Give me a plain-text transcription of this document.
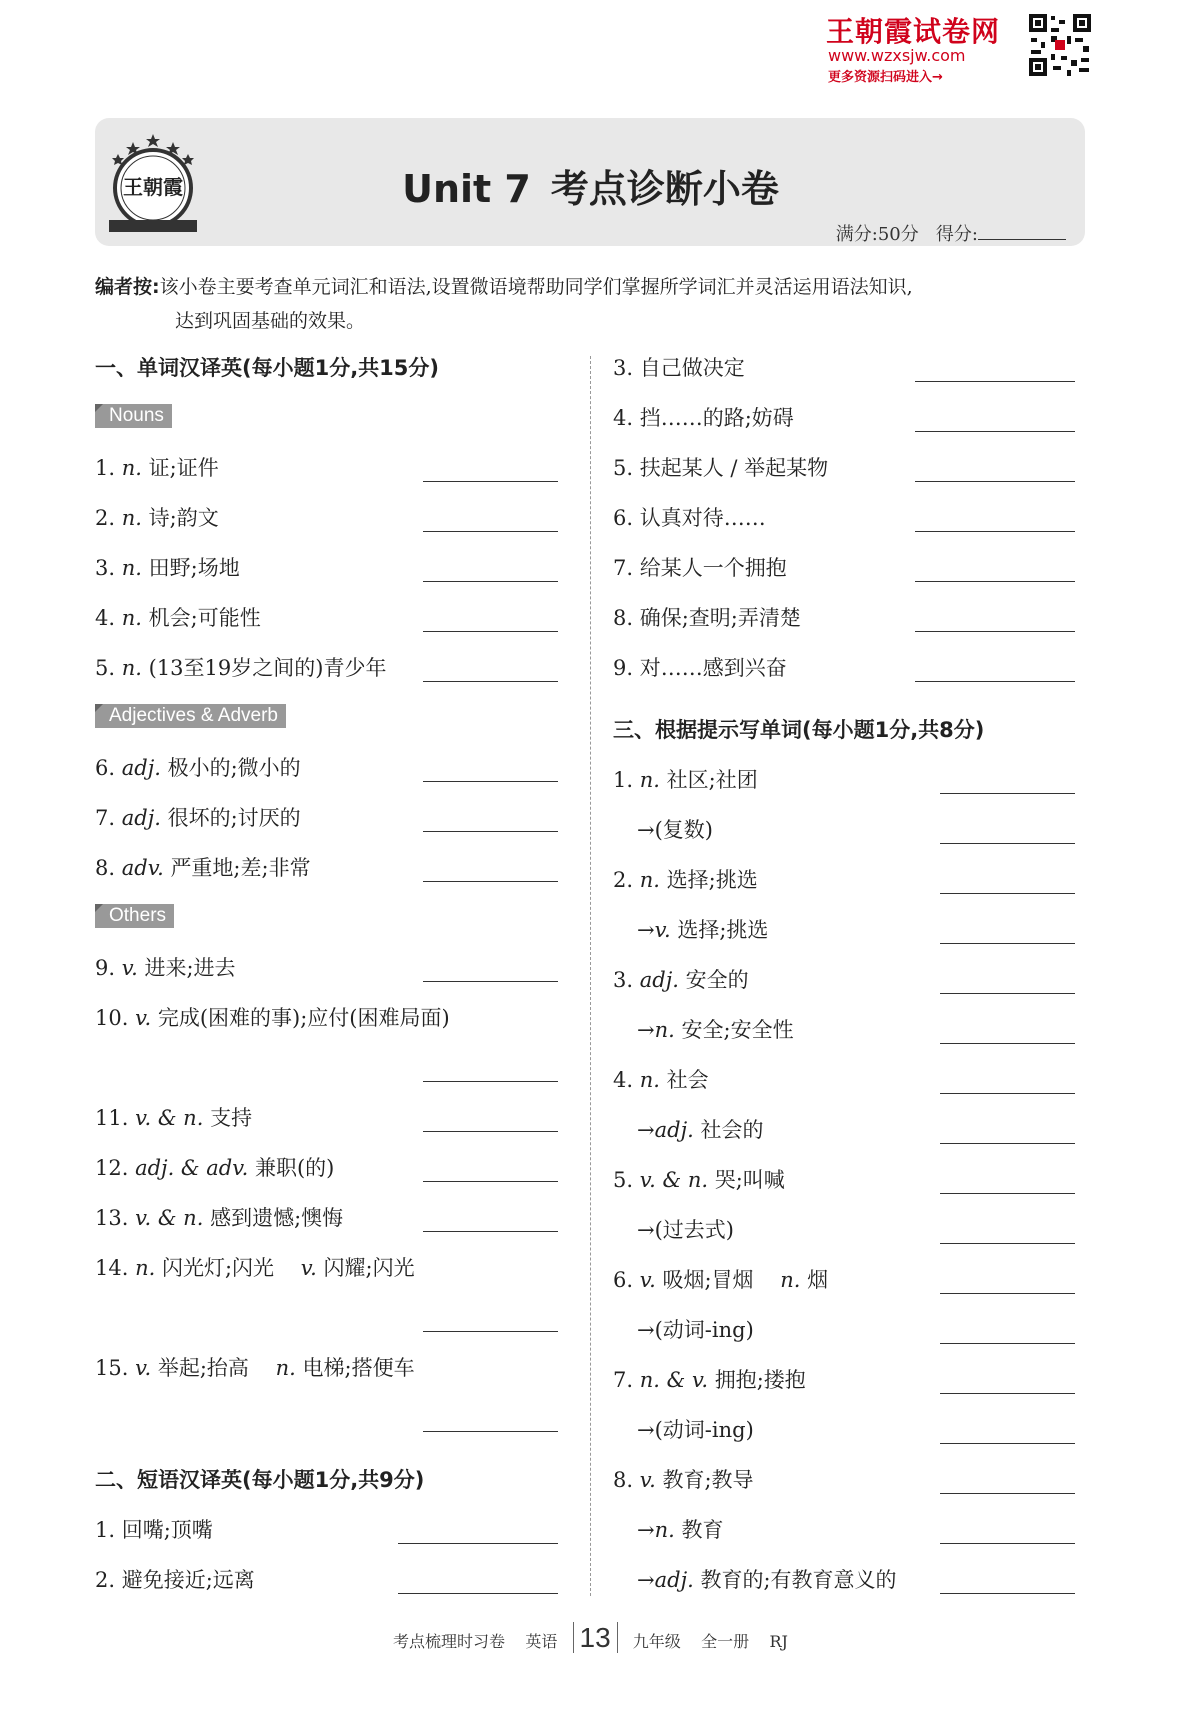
王朝霞试卷网
www.wzxsjw.com
更多资源扫码进入→
王朝霞	Unit 7 考点诊断小卷
满分:50分 得分:
编者按:该小卷主要考查单元词汇和语法,设置微语境帮助同学们掌握所学词汇并灵活运用语法知识,
达到巩固基础的效果。
一、单词汉译英(每小题1分,共15分)
Nouns
Adjectives & Adverb
Others
1. n. 证;证件
2. n. 诗;韵文
3. n. 田野;场地
4. n. 机会;可能性
5. n. (13至19岁之间的)青少年
6. adj. 极小的;微小的
7. adj. 很坏的;讨厌的
8. adv. 严重地;差;非常
9. v. 进来;进去
10. v. 完成(困难的事);应付(困难局面)
11. v. & n. 支持
12. adj. & adv. 兼职(的)
13. v. & n. 感到遗憾;懊悔
14. n. 闪光灯;闪光 v. 闪耀;闪光
15. v. 举起;抬高 n. 电梯;搭便车
二、短语汉译英(每小题1分,共9分)
1. 回嘴;顶嘴
2. 避免接近;远离
3. 自己做决定
4. 挡……的路;妨碍
5. 扶起某人 / 举起某物
6. 认真对待……
7. 给某人一个拥抱
8. 确保;查明;弄清楚
9. 对……感到兴奋
三、根据提示写单词(每小题1分,共8分)
1. n. 社区;社团
→(复数)
2. n. 选择;挑选
→v. 选择;挑选
3. adj. 安全的
→n. 安全;安全性
4. n. 社会
→adj. 社会的
5. v. & n. 哭;叫喊
→(过去式)
6. v. 吸烟;冒烟 n. 烟
→(动词-ing)
7. n. & v. 拥抱;搂抱
→(动词-ing)
8. v. 教育;教导
→n. 教育
→adj. 教育的;有教育意义的
考点梳理时习卷 英语 13 九年级 全一册 RJ
